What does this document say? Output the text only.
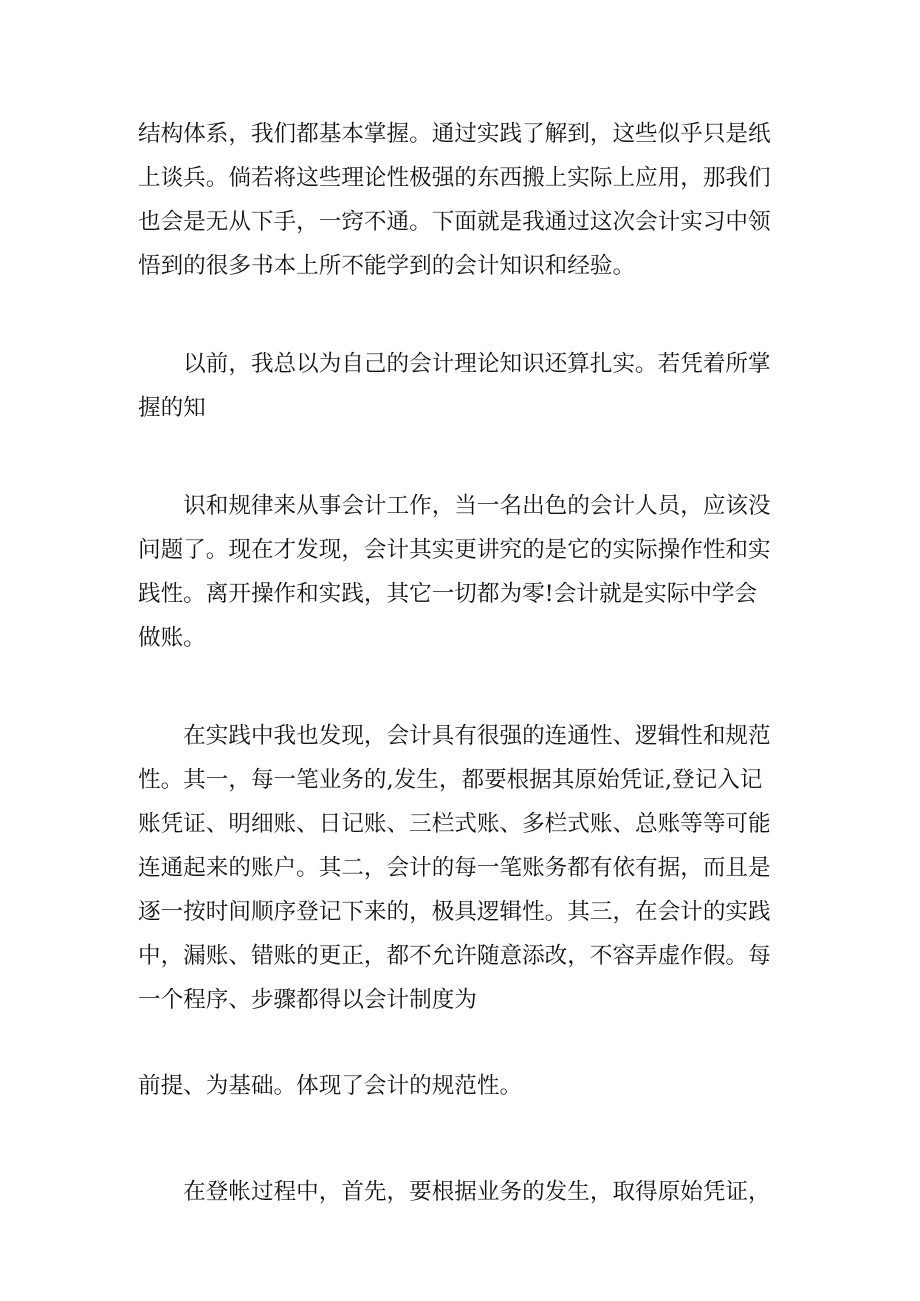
结构体系，我们都基本掌握。通过实践了解到，这些似乎只是纸
上谈兵。倘若将这些理论性极强的东西搬上实际上应用，那我们
也会是无从下手，一窍不通。下面就是我通过这次会计实习中领
悟到的很多书本上所不能学到的会计知识和经验。

　　以前，我总以为自己的会计理论知识还算扎实。若凭着所掌
握的知

　　识和规律来从事会计工作，当一名出色的会计人员，应该没
问题了。现在才发现，会计其实更讲究的是它的实际操作性和实
践性。离开操作和实践，其它一切都为零!会计就是实际中学会
做账。

　　在实践中我也发现，会计具有很强的连通性、逻辑性和规范
性。其一，每一笔业务的,发生，都要根据其原始凭证,登记入记
账凭证、明细账、日记账、三栏式账、多栏式账、总账等等可能
连通起来的账户。其二，会计的每一笔账务都有依有据，而且是
逐一按时间顺序登记下来的，极具逻辑性。其三，在会计的实践
中，漏账、错账的更正，都不允许随意添改，不容弄虚作假。每
一个程序、步骤都得以会计制度为

前提、为基础。体现了会计的规范性。

　　在登帐过程中，首先，要根据业务的发生，取得原始凭证，
